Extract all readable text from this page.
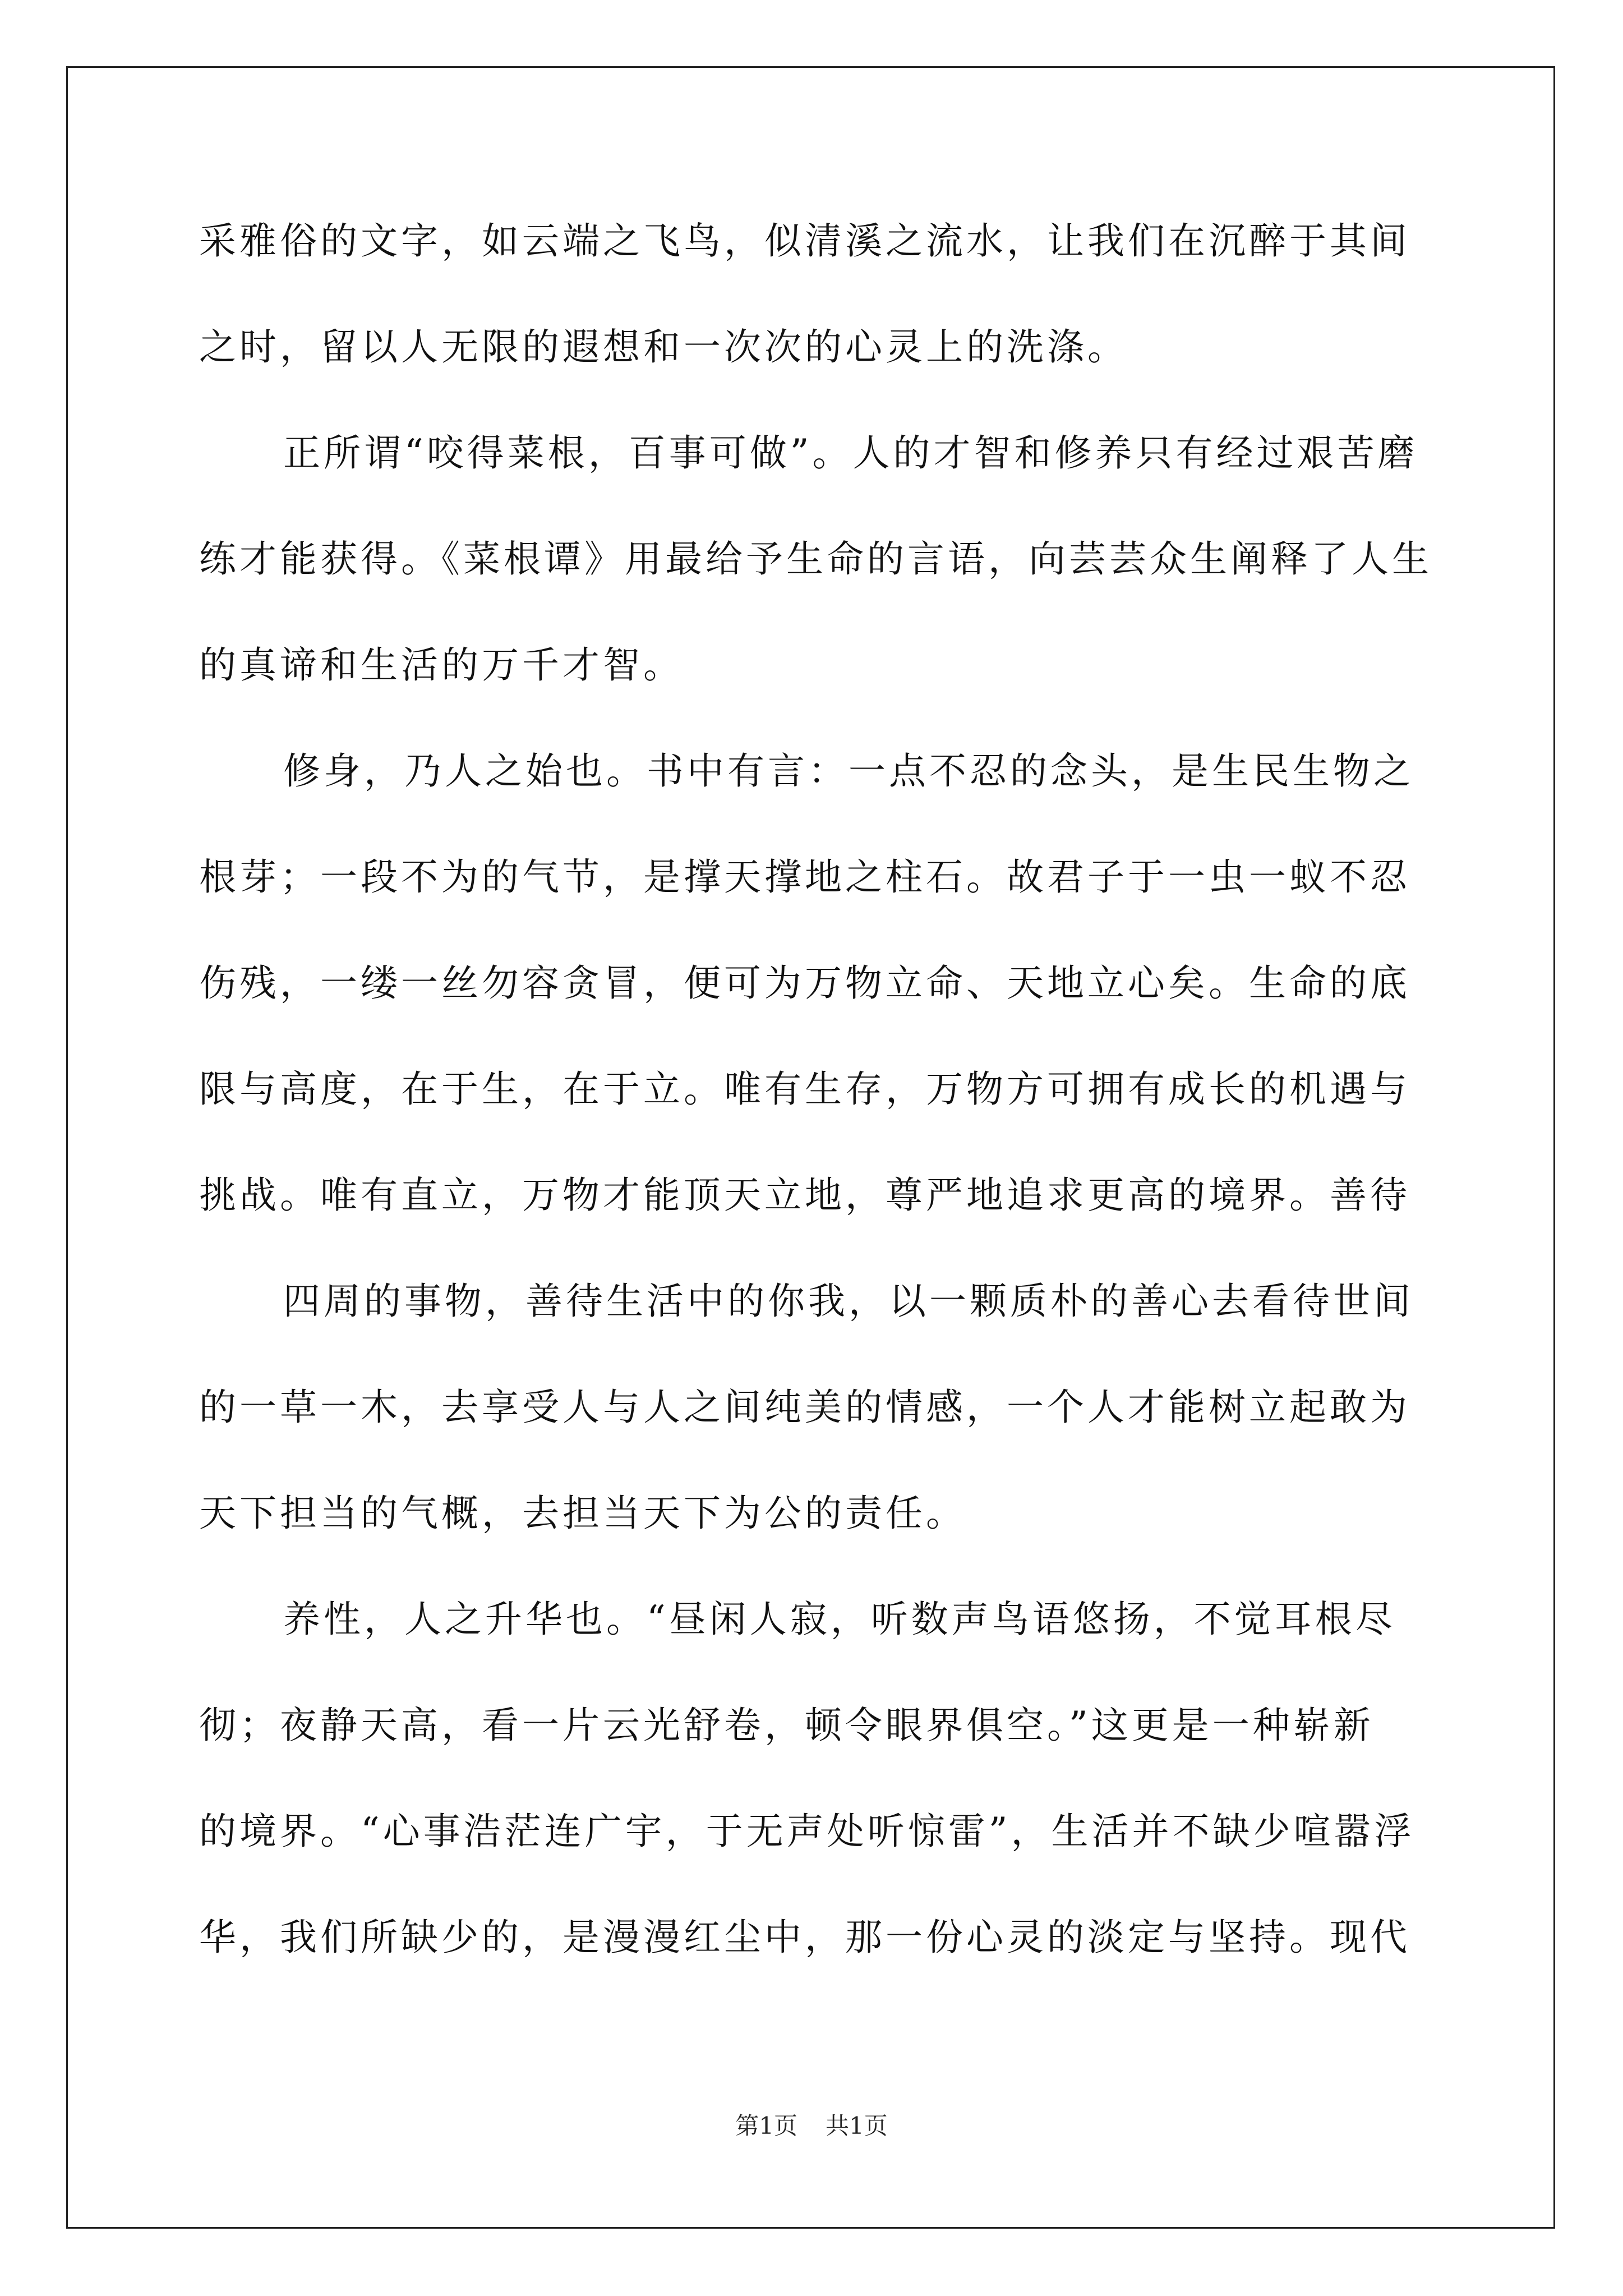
采雅俗的文字，如云端之飞鸟，似清溪之流水，让我们在沉醉于其间
之时，留以人无限的遐想和一次次的心灵上的洗涤。
正所谓“咬得菜根，百事可做”。人的才智和修养只有经过艰苦磨
练才能获得。《菜根谭》用最给予生命的言语，向芸芸众生阐释了人生
的真谛和生活的万千才智。
修身，乃人之始也。书中有言：一点不忍的念头，是生民生物之
根芽；一段不为的气节，是撑天撑地之柱石。故君子于一虫一蚁不忍
伤残，一缕一丝勿容贪冒，便可为万物立命、天地立心矣。生命的底
限与高度，在于生，在于立。唯有生存，万物方可拥有成长的机遇与
挑战。唯有直立，万物才能顶天立地，尊严地追求更高的境界。善待
四周的事物，善待生活中的你我，以一颗质朴的善心去看待世间
的一草一木，去享受人与人之间纯美的情感，一个人才能树立起敢为
天下担当的气概，去担当天下为公的责任。
养性，人之升华也。“昼闲人寂，听数声鸟语悠扬，不觉耳根尽
彻；夜静天高，看一片云光舒卷，顿令眼界俱空。”这更是一种崭新
的境界。“心事浩茫连广宇，于无声处听惊雷”，生活并不缺少喧嚣浮
华，我们所缺少的，是漫漫红尘中，那一份心灵的淡定与坚持。现代
第1页 共1页
